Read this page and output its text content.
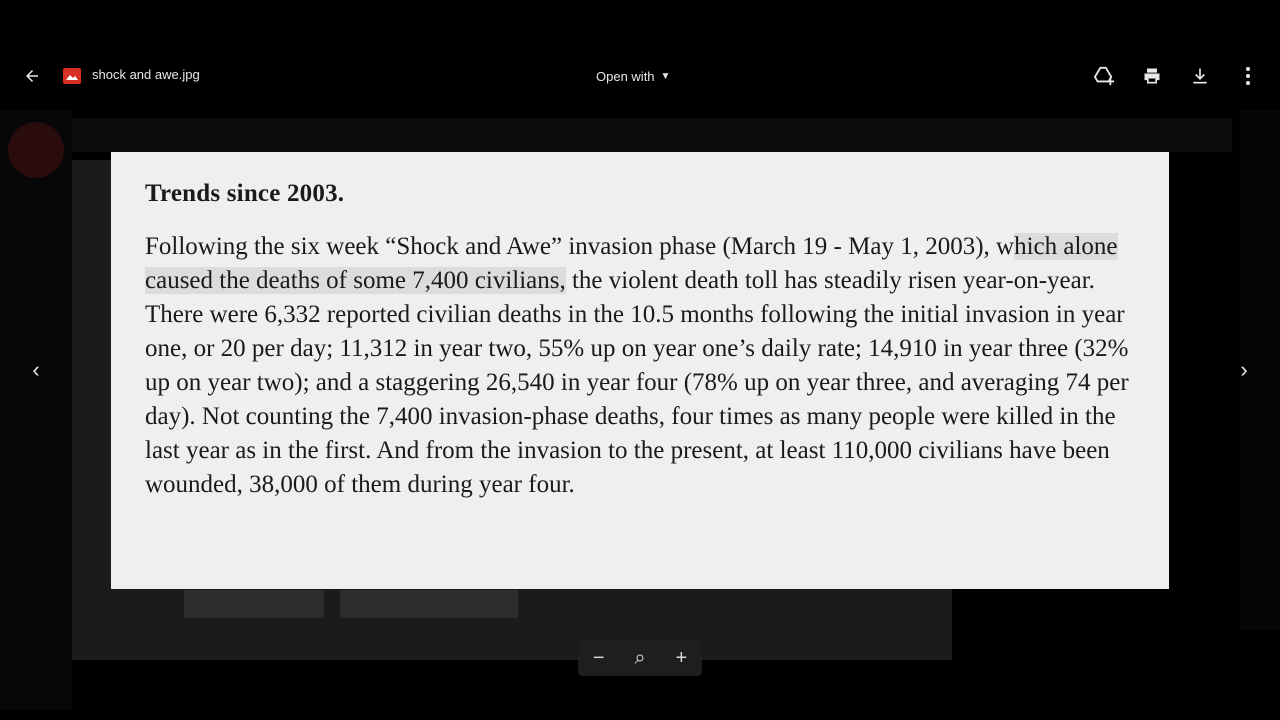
shock and awe.jpg	Open with ▼
‹	›

Trends since 2003.

Following the six week “Shock and Awe” invasion phase (March 19 - May 1, 2003), which alone caused the deaths of some 7,400 civilians, the violent death toll has steadily risen year-on-year. There were 6,332 reported civilian deaths in the 10.5 months following the initial invasion in year one, or 20 per day; 11,312 in year two, 55% up on year one’s daily rate; 14,910 in year three (32% up on year two); and a staggering 26,540 in year four (78% up on year three, and averaging 74 per day). Not counting the 7,400 invasion-phase deaths, four times as many people were killed in the last year as in the first. And from the invasion to the present, at least 110,000 civilians have been wounded, 38,000 of them during year four.

−	⌕	+
